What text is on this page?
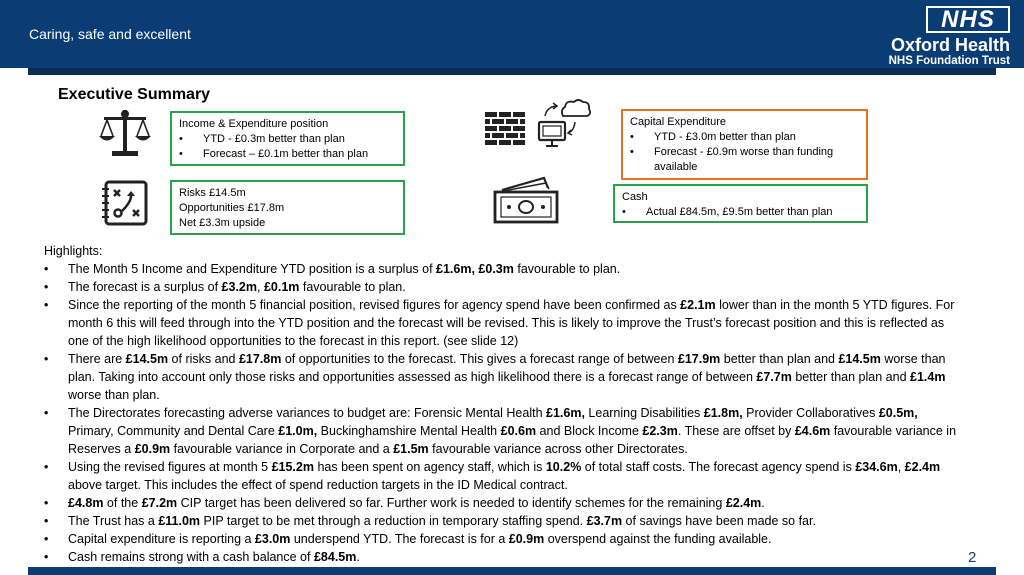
Caring, safe and excellent
NHS
Oxford Health
NHS Foundation Trust
Executive Summary
Income & Expenditure position
• YTD - £0.3m better than plan
• Forecast – £0.1m better than plan
Risks £14.5m
Opportunities £17.8m
Net £3.3m upside
Capital Expenditure
• YTD - £3.0m better than plan
• Forecast - £0.9m worse than funding available
Cash
• Actual £84.5m, £9.5m better than plan
Highlights:
• The Month 5 Income and Expenditure YTD position is a surplus of £1.6m, £0.3m favourable to plan.
• The forecast is a surplus of £3.2m, £0.1m favourable to plan.
• Since the reporting of the month 5 financial position, revised figures for agency spend have been confirmed as £2.1m lower than in the month 5 YTD figures. For month 6 this will feed through into the YTD position and the forecast will be revised. This is likely to improve the Trust’s forecast position and this is reflected as one of the high likelihood opportunities to the forecast in this report. (see slide 12)
• There are £14.5m of risks and £17.8m of opportunities to the forecast. This gives a forecast range of between £17.9m better than plan and £14.5m worse than plan. Taking into account only those risks and opportunities assessed as high likelihood there is a forecast range of between £7.7m better than plan and £1.4m worse than plan.
• The Directorates forecasting adverse variances to budget are: Forensic Mental Health £1.6m, Learning Disabilities £1.8m, Provider Collaboratives £0.5m, Primary, Community and Dental Care £1.0m, Buckinghamshire Mental Health £0.6m and Block Income £2.3m. These are offset by £4.6m favourable variance in Reserves a £0.9m favourable variance in Corporate and a £1.5m favourable variance across other Directorates.
• Using the revised figures at month 5 £15.2m has been spent on agency staff, which is 10.2% of total staff costs. The forecast agency spend is £34.6m, £2.4m above target. This includes the effect of spend reduction targets in the ID Medical contract.
• £4.8m of the £7.2m CIP target has been delivered so far. Further work is needed to identify schemes for the remaining £2.4m.
• The Trust has a £11.0m PIP target to be met through a reduction in temporary staffing spend. £3.7m of savings have been made so far.
• Capital expenditure is reporting a £3.0m underspend YTD. The forecast is for a £0.9m overspend against the funding available.
• Cash remains strong with a cash balance of £84.5m.	2
